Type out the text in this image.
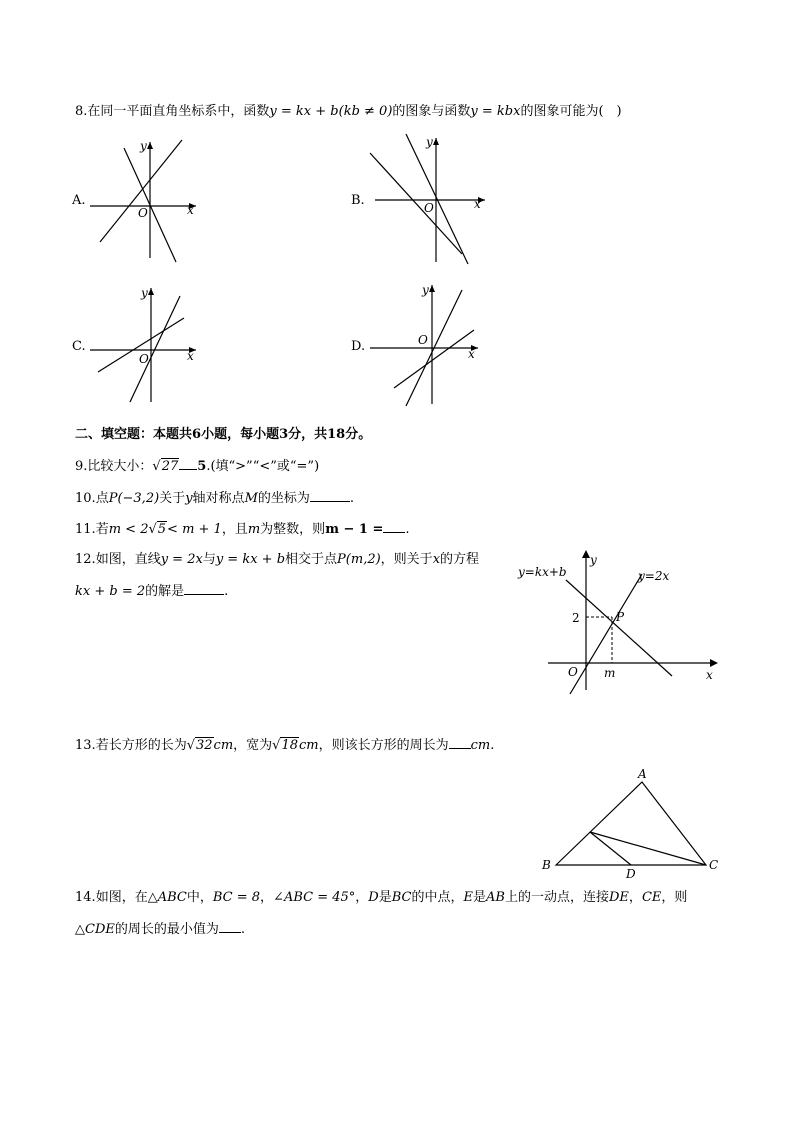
8.在同一平面直角坐标系中，函数y = kx + b(kb ≠ 0)的图象与函数y = kbx的图象可能为(　)
A.
y
x
O
y
x
O
y
x
O
y
x
O
B.
C.	D.
二、填空题：本题共6小题，每小题3分，共18分。
9.比较大小：√27 5.(填“>”“<”或“=”)
10.点P(−3,2)关于y轴对称点M的坐标为	.
11.若m < 2√5< m + 1，且m为整数，则m − 1 = .
12.如图，直线y = 2x与y = kx + b相交于点P(m,2)，则关于x的方程
kx + b = 2的解是	.
y=kx+b	y=2x
2	P
m
O	x
y
13.若长方形的长为√32cm，宽为√18cm，则该长方形的周长为 cm.
A
B	C
D
14.如图，在△ABC中，BC = 8，∠ABC = 45°，D是BC的中点，E是AB上的一动点，连接DE，CE，则
△CDE的周长的最小值为 .
